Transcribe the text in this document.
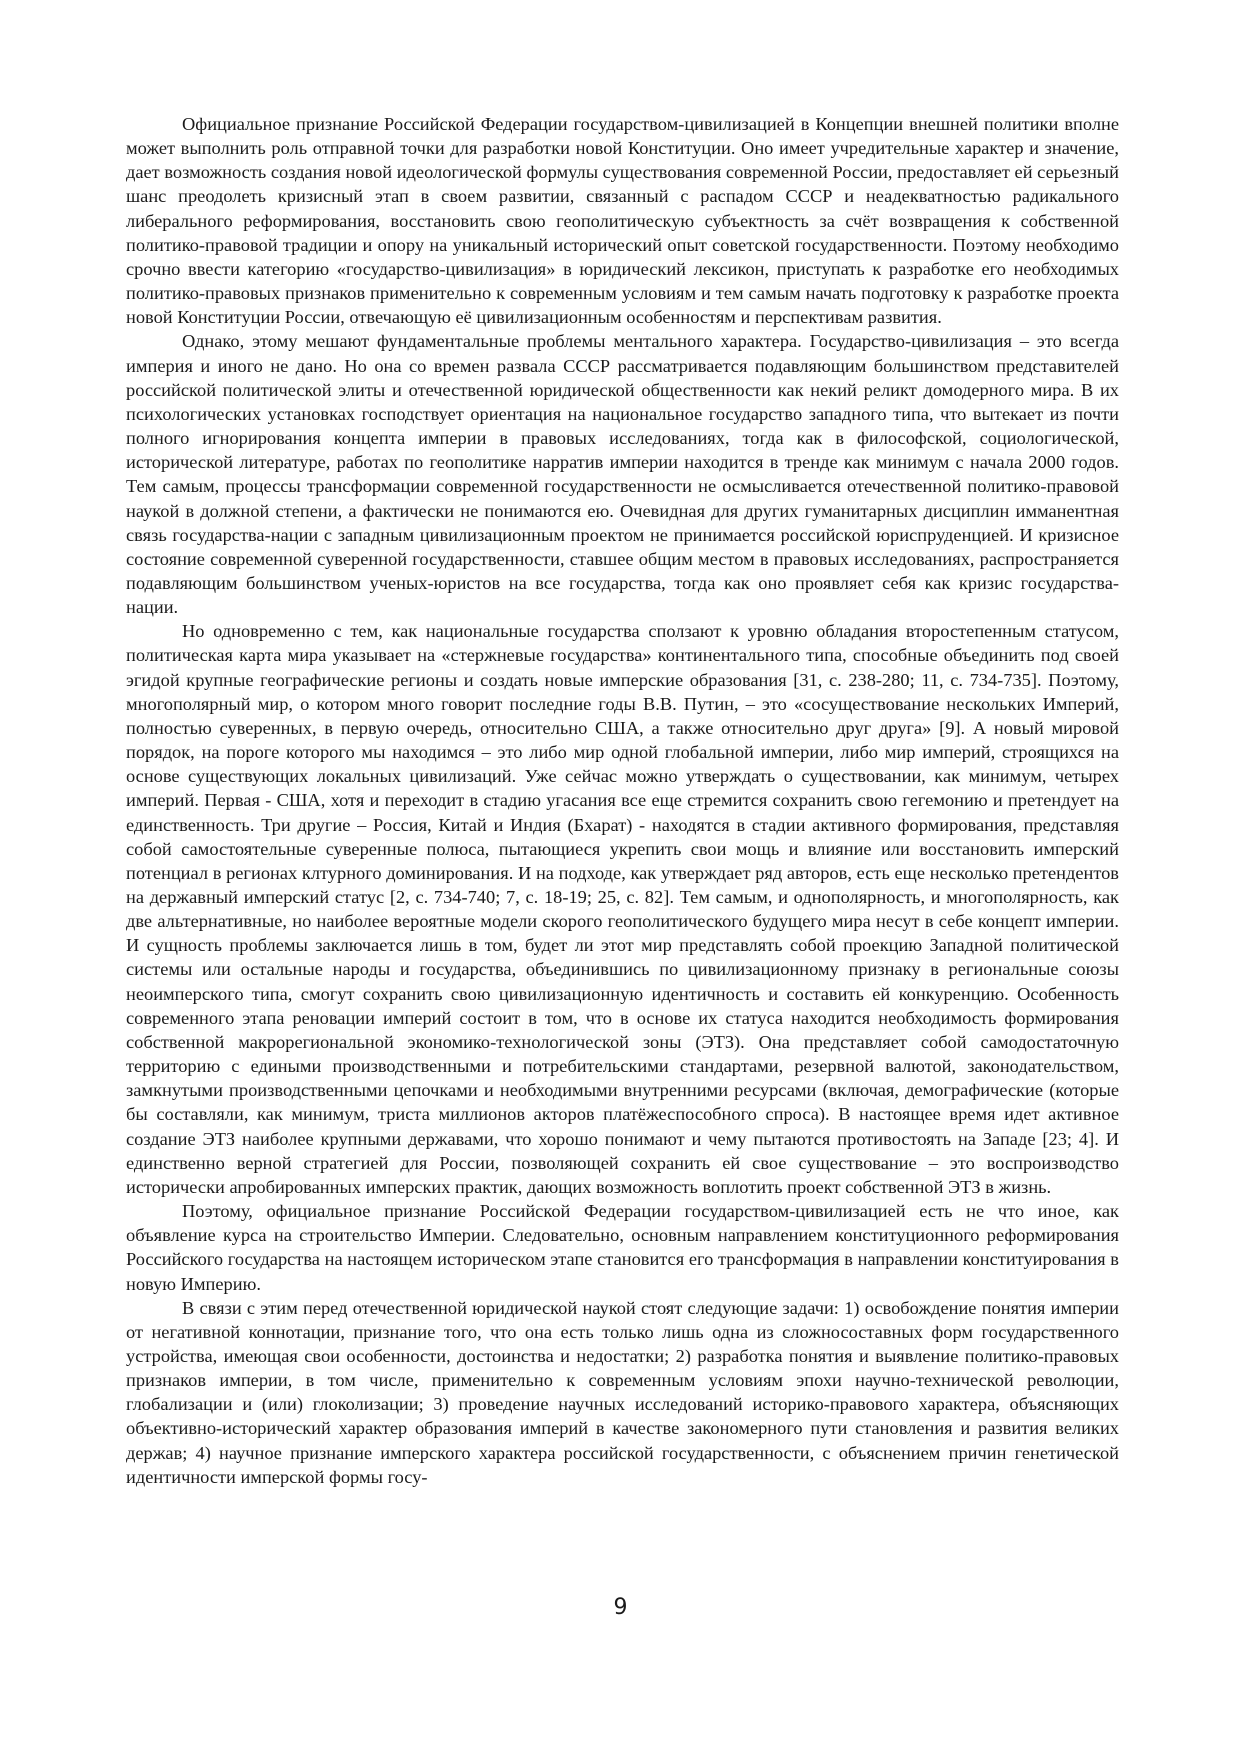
Официальное признание Российской Федерации государством-цивилизацией в Концепции внешней политики вполне может выполнить роль отправной точки для разработки новой Конституции. Оно имеет учредительные характер и значение, дает возможность создания новой идеологической формулы существования современной России, предоставляет ей серьезный шанс преодолеть кризисный этап в своем развитии, связанный с распадом СССР и неадекватностью радикального либерального реформирования, восстановить свою геополитическую субъектность за счёт возвращения к собственной политико-правовой традиции и опору на уникальный исторический опыт советской государственности. Поэтому необходимо срочно ввести категорию «государство-цивилизация» в юридический лексикон, приступать к разработке его необходимых политико-правовых признаков применительно к современным условиям и тем самым начать подготовку к разработке проекта новой Конституции России, отвечающую её цивилизационным особенностям и перспективам развития.

Однако, этому мешают фундаментальные проблемы ментального характера. Государство-цивилизация – это всегда империя и иного не дано. Но она со времен развала СССР рассматривается подавляющим большинством представителей российской политической элиты и отечественной юридической общественности как некий реликт домодерного мира. В их психологических установках господствует ориентация на национальное государство западного типа, что вытекает из почти полного игнорирования концепта империи в правовых исследованиях, тогда как в философской, социологической, исторической литературе, работах по геополитике нарратив империи находится в тренде как минимум с начала 2000 годов. Тем самым, процессы трансформации современной государственности не осмысливается отечественной политико-правовой наукой в должной степени, а фактически не понимаются ею. Очевидная для других гуманитарных дисциплин имманентная связь государства-нации с западным цивилизационным проектом не принимается российской юриспруденцией. И кризисное состояние современной суверенной государственности, ставшее общим местом в правовых исследованиях, распространяется подавляющим большинством ученых-юристов на все государства, тогда как оно проявляет себя как кризис государства-нации.

Но одновременно с тем, как национальные государства сползают к уровню обладания второстепенным статусом, политическая карта мира указывает на «стержневые государства» континентального типа, способные объединить под своей эгидой крупные географические регионы и создать новые имперские образования [31, с. 238-280; 11, с. 734-735]. Поэтому, многополярный мир, о котором много говорит последние годы В.В. Путин, – это «сосуществование нескольких Империй, полностью суверенных, в первую очередь, относительно США, а также относительно друг друга» [9]. А новый мировой порядок, на пороге которого мы находимся – это либо мир одной глобальной империи, либо мир империй, строящихся на основе существующих локальных цивилизаций. Уже сейчас можно утверждать о существовании, как минимум, четырех империй. Первая - США, хотя и переходит в стадию угасания все еще стремится сохранить свою гегемонию и претендует на единственность. Три другие – Россия, Китай и Индия (Бхарат) - находятся в стадии активного формирования, представляя собой самостоятельные суверенные полюса, пытающиеся укрепить свои мощь и влияние или восстановить имперский потенциал в регионах клтурного доминирования. И на подходе, как утверждает ряд авторов, есть еще несколько претендентов на державный имперский статус [2, с. 734-740; 7, с. 18-19; 25, с. 82]. Тем самым, и однополярность, и многополярность, как две альтернативные, но наиболее вероятные модели скорого геополитического будущего мира несут в себе концепт империи. И сущность проблемы заключается лишь в том, будет ли этот мир представлять собой проекцию Западной политической системы или остальные народы и государства, объединившись по цивилизационному признаку в региональные союзы неоимперского типа, смогут сохранить свою цивилизационную идентичность и составить ей конкуренцию. Особенность современного этапа реновации империй состоит в том, что в основе их статуса находится необходимость формирования собственной макрорегиональной экономико-технологической зоны (ЭТЗ). Она представляет собой самодостаточную территорию с едиными производственными и потребительскими стандартами, резервной валютой, законодательством, замкнутыми производственными цепочками и необходимыми внутренними ресурсами (включая, демографические (которые бы составляли, как минимум, триста миллионов акторов платёжеспособного спроса). В настоящее время идет активное создание ЭТЗ наиболее крупными державами, что хорошо понимают и чему пытаются противостоять на Западе [23; 4]. И единственно верной стратегией для России, позволяющей сохранить ей свое существование – это воспроизводство исторически апробированных имперских практик, дающих возможность воплотить проект собственной ЭТЗ в жизнь.

Поэтому, официальное признание Российской Федерации государством-цивилизацией есть не что иное, как объявление курса на строительство Империи. Следовательно, основным направлением конституционного реформирования Российского государства на настоящем историческом этапе становится его трансформация в направлении конституирования в новую Империю.

В связи с этим перед отечественной юридической наукой стоят следующие задачи: 1) освобождение понятия империи от негативной коннотации, признание того, что она есть только лишь одна из сложносоставных форм государственного устройства, имеющая свои особенности, достоинства и недостатки; 2) разработка понятия и выявление политико-правовых признаков империи, в том числе, применительно к современным условиям эпохи научно-технической революции, глобализации и (или) глоколизации; 3) проведение научных исследований историко-правового характера, объясняющих объективно-исторический характер образования империй в качестве закономерного пути становления и развития великих держав; 4) научное признание имперского характера российской государственности, с объяснением причин генетической идентичности имперской формы госу-

9
